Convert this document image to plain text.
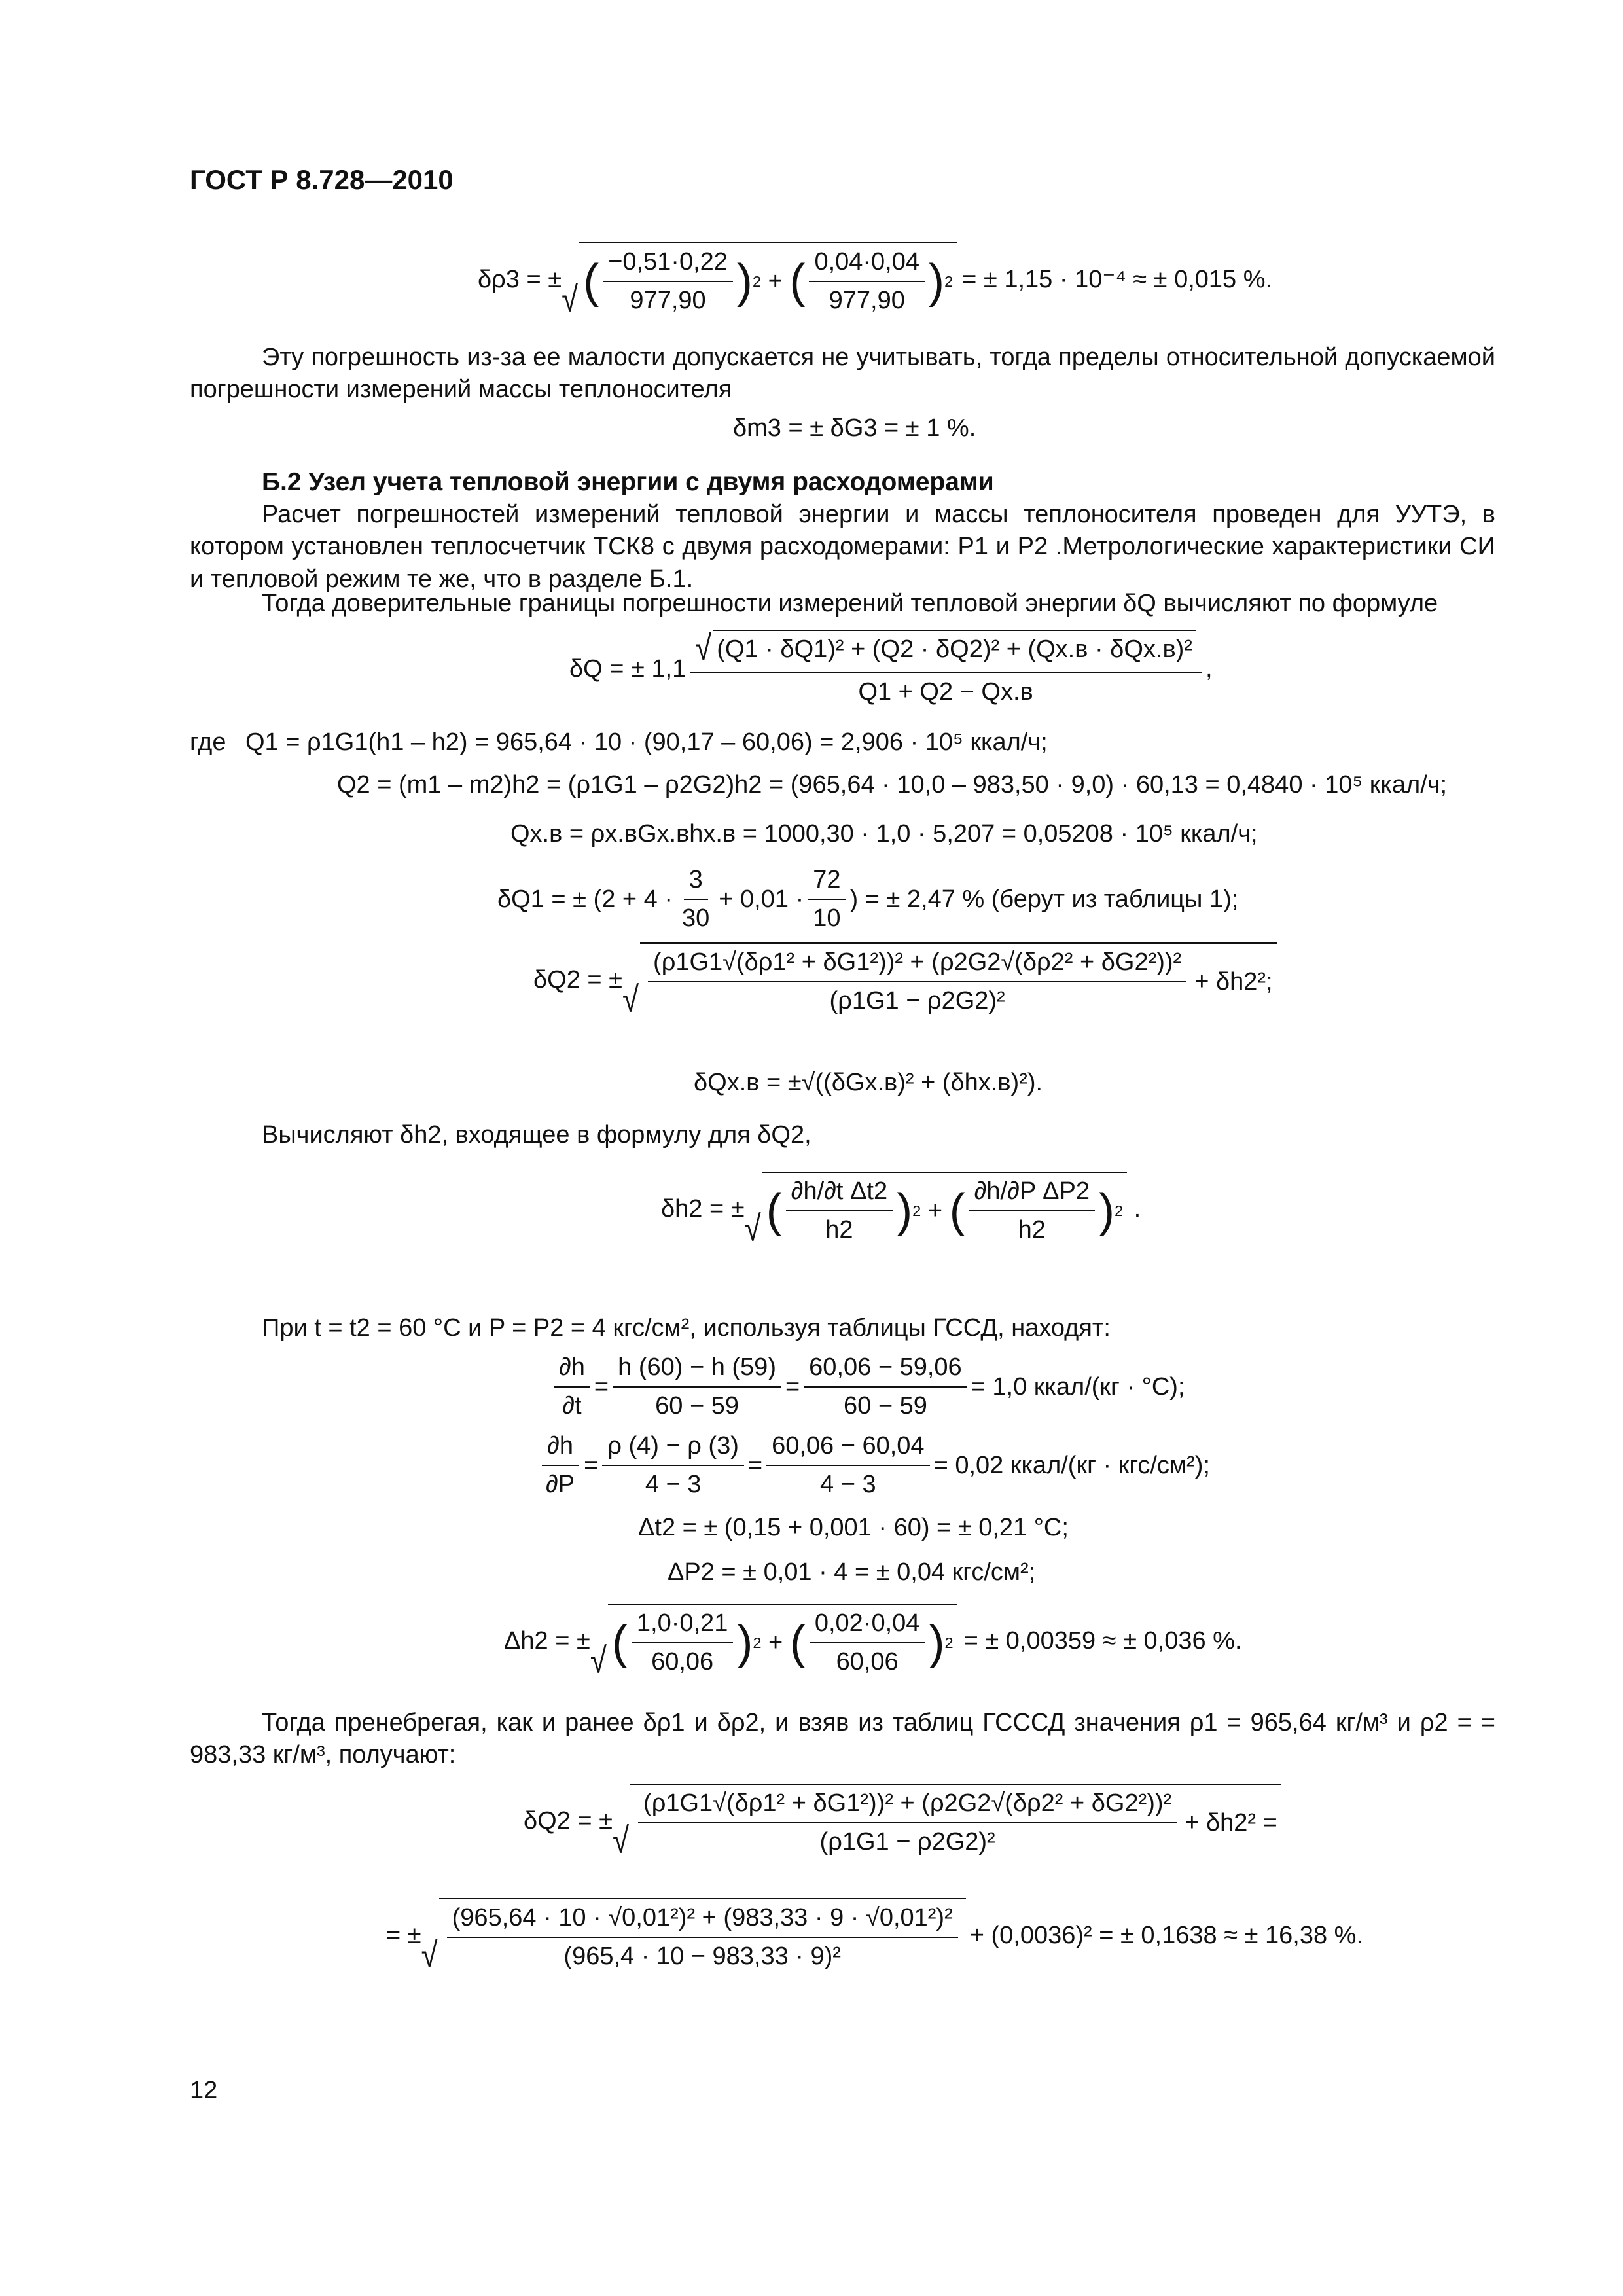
ГОСТ Р 8.728—2010
δρ3 = ± √ ( $\frac{-0,51\cdot 0,22}{977,90}$ ) 2 + ( $\frac{0,04\cdot 0,04}{977,90}$ ) 2 = ± 1,15 · 10⁻⁴ ≈ ± 0,015 %.
Эту погрешность из-за ее малости допускается не учитывать, тогда пределы относительной допускаемой погрешности измерений массы теплоносителя
δm3 = ± δG3 = ± 1 %.
Б.2 Узел учета тепловой энергии с двумя расходомерами
Расчет погрешностей измерений тепловой энергии и массы теплоносителя проведен для УУТЭ, в котором установлен теплосчетчик ТСК8 с двумя расходомерами: Р1 и Р2 .Метрологические характеристики СИ и тепловой режим те же, что в разделе Б.1.
Тогда доверительные границы погрешности измерений тепловой энергии δQ вычисляют по формуле
δQ = ± $1,1 \frac{\text{√ (Q1 · δQ1)² + (Q2 · δQ2)² + (Qх.в · δQх.в)²}}{Q1 + Q2 - Qх.в}$ ,
где Q1 = ρ1G1(h1 – h2) = 965,64 · 10 · (90,17 – 60,06) = 2,906 · 10⁵ ккал/ч;
Q2 = (m1 – m2)h2 = (ρ1G1 – ρ2G2)h2 = (965,64 · 10,0 – 983,50 · 9,0) · 60,13 = 0,4840 · 10⁵ ккал/ч;
Qх.в = ρх.вGх.вhх.в = 1000,30 · 1,0 · 5,207 = 0,05208 · 10⁵ ккал/ч;
δQ1 = ± ($2 + 4 \cdot \frac{3}{30} + 0,01 \cdot \frac{72}{10}$ ) = ± 2,47 % (берут из таблицы 1);
δQ2 = ± √ $\frac{\text{(ρ1G1√(δρ1² + δG1²))² + (ρ2G2√(δρ2² + δG2²))²}}{\text{(ρ1G1 − ρ2G2)²}} + \delta h2^2$;
δQх.в = ±√((δGх.в)² + (δhх.в)²).
Вычисляют δh2, входящее в формулу для δQ2,
δh2 = ± √ ( $\frac{\text{∂h/∂t Δt2}}{h2}$ ) 2 + ( $\frac{\text{∂h/∂P ΔP2}}{h2}$ ) 2 .
При t = t2 = 60 °С и P = P2 = 4 кгс/см², используя таблицы ГССД, находят:
$\frac{\partial h}{\partial t} = \frac{h (60) - h (59)}{60 - 59} = \frac{60,06 - 59,06}{60 - 59} = 1,0$ ккал/(кг · °С);
$\frac{\partial h}{\partial P} = \frac{\rho (4) - \rho (3)}{4 - 3} = \frac{60,06 - 60,04}{4 - 3} = 0,02$ ккал/(кг · кгс/см²);
Δt2 = ± (0,15 + 0,001 · 60) = ± 0,21 °С;
ΔP2 = ± 0,01 · 4 = ± 0,04 кгс/см²;
Δh2 = ± √ ( $\frac{1,0\cdot 0,21}{60,06}$ ) 2 + ( $\frac{0,02\cdot 0,04}{60,06}$ ) 2 = ± 0,00359 ≈ ± 0,036 %.
Тогда пренебрегая, как и ранее δρ1 и δρ2, и взяв из таблиц ГСССД значения ρ1 = 965,64 кг/м³ и ρ2 = = 983,33 кг/м³, получают:
δQ2 = ± √ $\frac{\text{(ρ1G1√(δρ1² + δG1²))² + (ρ2G2√(δρ2² + δG2²))²}}{\text{(ρ1G1 − ρ2G2)²}} + \delta h2^2$ =
= ± √ $\frac{\text{(965,64 · 10 · √0,01²)² + (983,33 · 9 · √0,01²)²}}{\text{(965,4 · 10 − 983,33 · 9)²}} + (0,0036)^2$ = ± 0,1638 ≈ ± 16,38 %.
12
